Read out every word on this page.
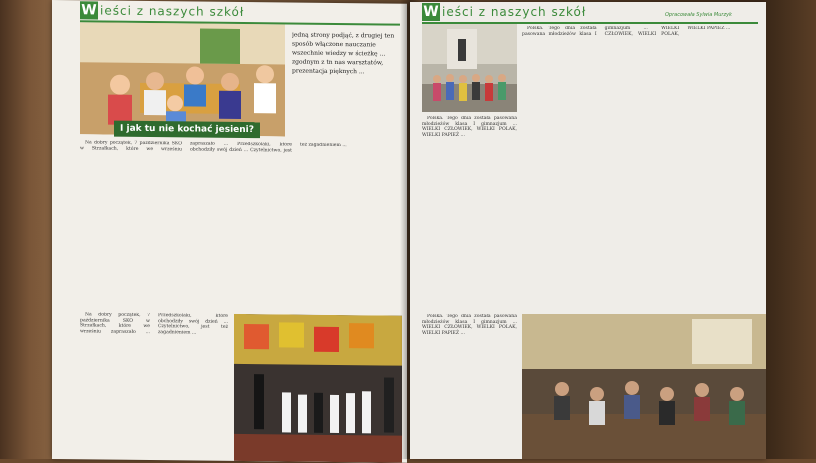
W ieści z naszych szkół
I jak tu nie kochać jesieni?
jedną strony podjąć, z drugiej ten sposób włączone nauczanie wszechnie wiedzy w ścieżkę ... zgodnym z tn nas warsztatów, prezentacja pięknych ...

Na dobry początek, 7 października SKO w Strzałkach, które we wrześniu zapraszało ... Przedszkolaki, które obchodziły swój dzień ... Czytelnictwo, jest też zagadnieniem ...

Na dobry początek, 7 października SKO w Strzałkach, które we wrześniu zapraszało ... Przedszkolaki, które obchodziły swój dzień ... Czytelnictwo, jest też zagadnieniem ...

W ieści z naszych szkół	Opracowała Sylwia Murzyk

Polska. Tego dnia została pasowana młodzieżów klasa I gimnazjum ... WIELKI CZŁOWIEK, WIELKI POLAK, WIELKI PAPIEŻ ...

Polska. Tego dnia została pasowana młodzieżów klasa I gimnazjum ... WIELKI CZŁOWIEK, WIELKI POLAK, WIELKI PAPIEŻ ...

Polska. Tego dnia została pasowana młodzieżów klasa I gimnazjum ... WIELKI CZŁOWIEK, WIELKI POLAK, WIELKI PAPIEŻ ...
